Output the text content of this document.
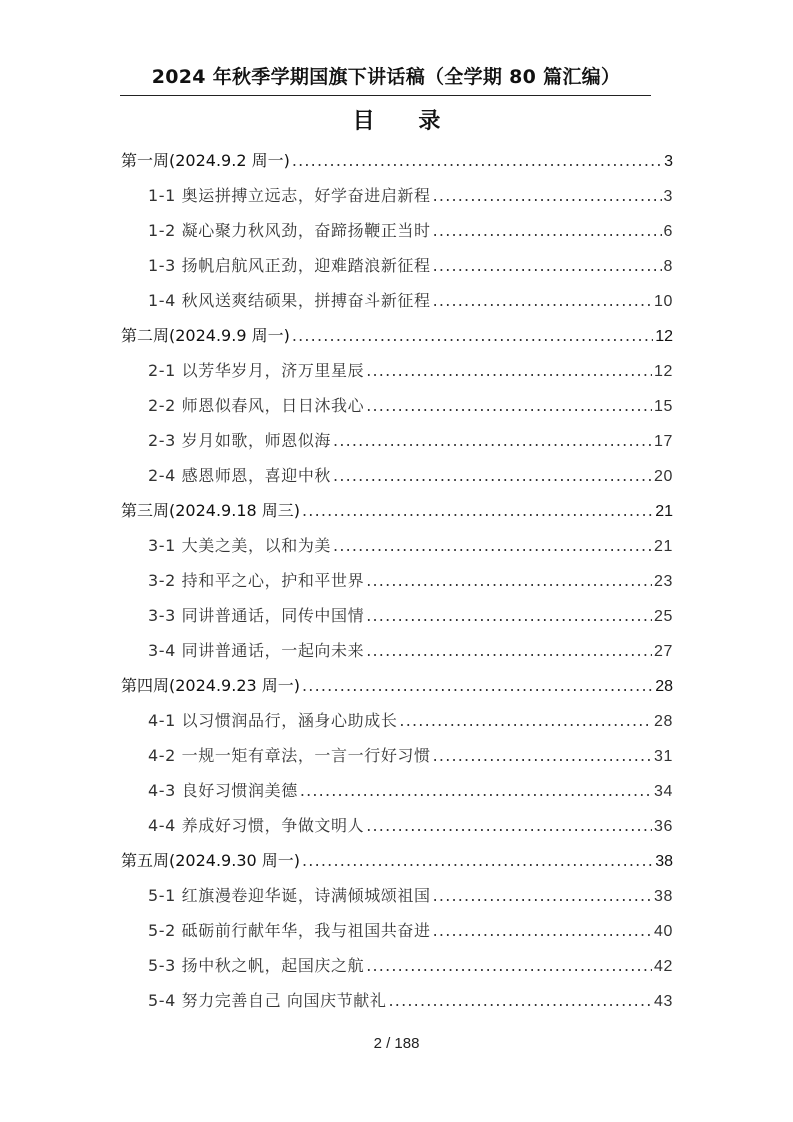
2024 年秋季学期国旗下讲话稿（全学期 80 篇汇编）
目 录
第一周(2024.9.2 周一) .....	3
1-1 奥运拼搏立远志，好学奋进启新程 .....	3
1-2 凝心聚力秋风劲，奋蹄扬鞭正当时 .....	6
1-3 扬帆启航风正劲，迎难踏浪新征程 .....	8
1-4 秋风送爽结硕果，拼搏奋斗新征程 .....	10
第二周(2024.9.9 周一) .....	12
2-1 以芳华岁月，济万里星辰 .....	12
2-2 师恩似春风，日日沐我心 .....	15
2-3 岁月如歌，师恩似海 .....	17
2-4 感恩师恩，喜迎中秋 .....	20
第三周(2024.9.18 周三) .....	21
3-1 大美之美，以和为美 .....	21
3-2 持和平之心，护和平世界 .....	23
3-3 同讲普通话，同传中国情 .....	25
3-4 同讲普通话，一起向未来 .....	27
第四周(2024.9.23 周一) .....	28
4-1 以习惯润品行，涵身心助成长 .....	28
4-2 一规一矩有章法，一言一行好习惯 .....	31
4-3 良好习惯润美德 .....	34
4-4 养成好习惯，争做文明人 .....	36
第五周(2024.9.30 周一) .....	38
5-1 红旗漫卷迎华诞，诗满倾城颂祖国 .....	38
5-2 砥砺前行献年华，我与祖国共奋进 .....	40
5-3 扬中秋之帆，起国庆之航 .....	42
5-4 努力完善自己 向国庆节献礼 .....	43
2 / 188
